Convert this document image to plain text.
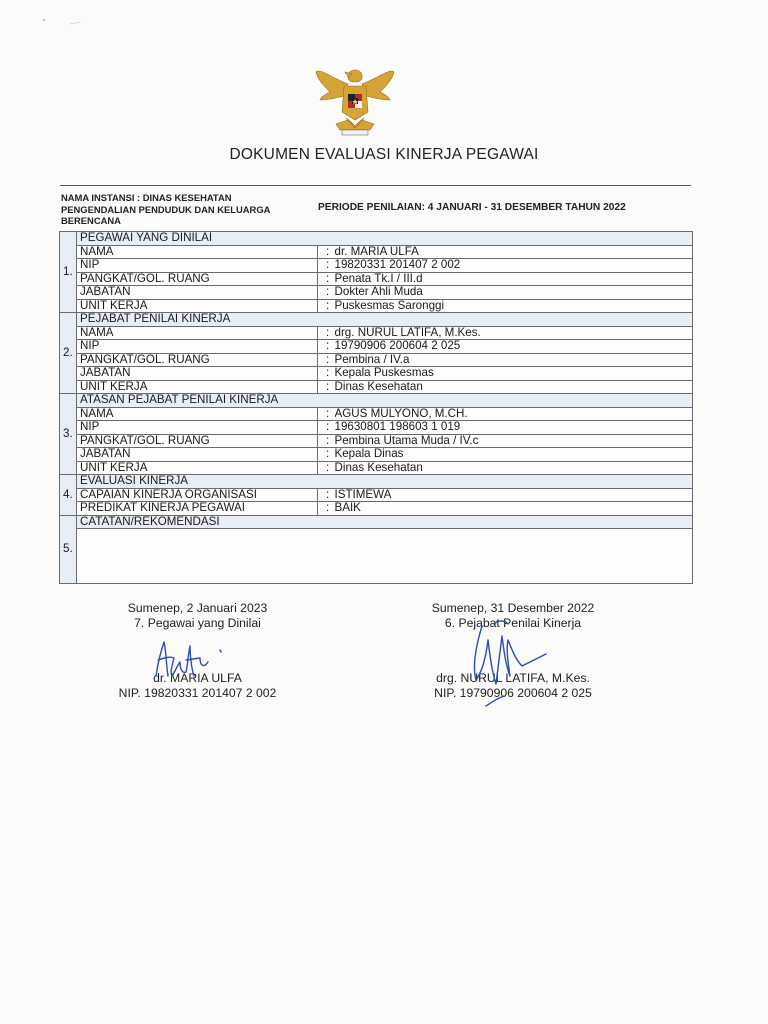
DOKUMEN EVALUASI KINERJA PEGAWAI
NAMA INSTANSI : DINAS KESEHATAN PENGENDALIAN PENDUDUK DAN KELUARGA BERENCANA
PERIODE PENILAIAN: 4 JANUARI - 31 DESEMBER TAHUN 2022
1.	PEGAWAI YANG DINILAI		
	NAMA	:	dr. MARIA ULFA
	NIP	:	19820331 201407 2 002
	PANGKAT/GOL. RUANG	:	Penata Tk.I / III.d
	JABATAN	:	Dokter Ahli Muda
	UNIT KERJA	:	Puskesmas Saronggi
2.	PEJABAT PENILAI KINERJA		
	NAMA	:	drg. NURUL LATIFA, M.Kes.
	NIP	:	19790906 200604 2 025
	PANGKAT/GOL. RUANG	:	Pembina / IV.a
	JABATAN	:	Kepala Puskesmas
	UNIT KERJA	:	Dinas Kesehatan
3.	ATASAN PEJABAT PENILAI KINERJA		
	NAMA	:	AGUS MULYONO, M.CH.
	NIP	:	19630801 198603 1 019
	PANGKAT/GOL. RUANG	:	Pembina Utama Muda / IV.c
	JABATAN	:	Kepala Dinas
	UNIT KERJA	:	Dinas Kesehatan
4.	EVALUASI KINERJA		
	CAPAIAN KINERJA ORGANISASI	:	ISTIMEWA
	PREDIKAT KINERJA PEGAWAI	:	BAIK
5.	CATATAN/REKOMENDASI		

Sumenep, 2 Januari 2023
7. Pegawai yang Dinilai
dr. MARIA ULFA
NIP. 19820331 201407 2 002
Sumenep, 31 Desember 2022
6. Pejabat Penilai Kinerja
drg. NURUL LATIFA, M.Kes.
NIP. 19790906 200604 2 025
